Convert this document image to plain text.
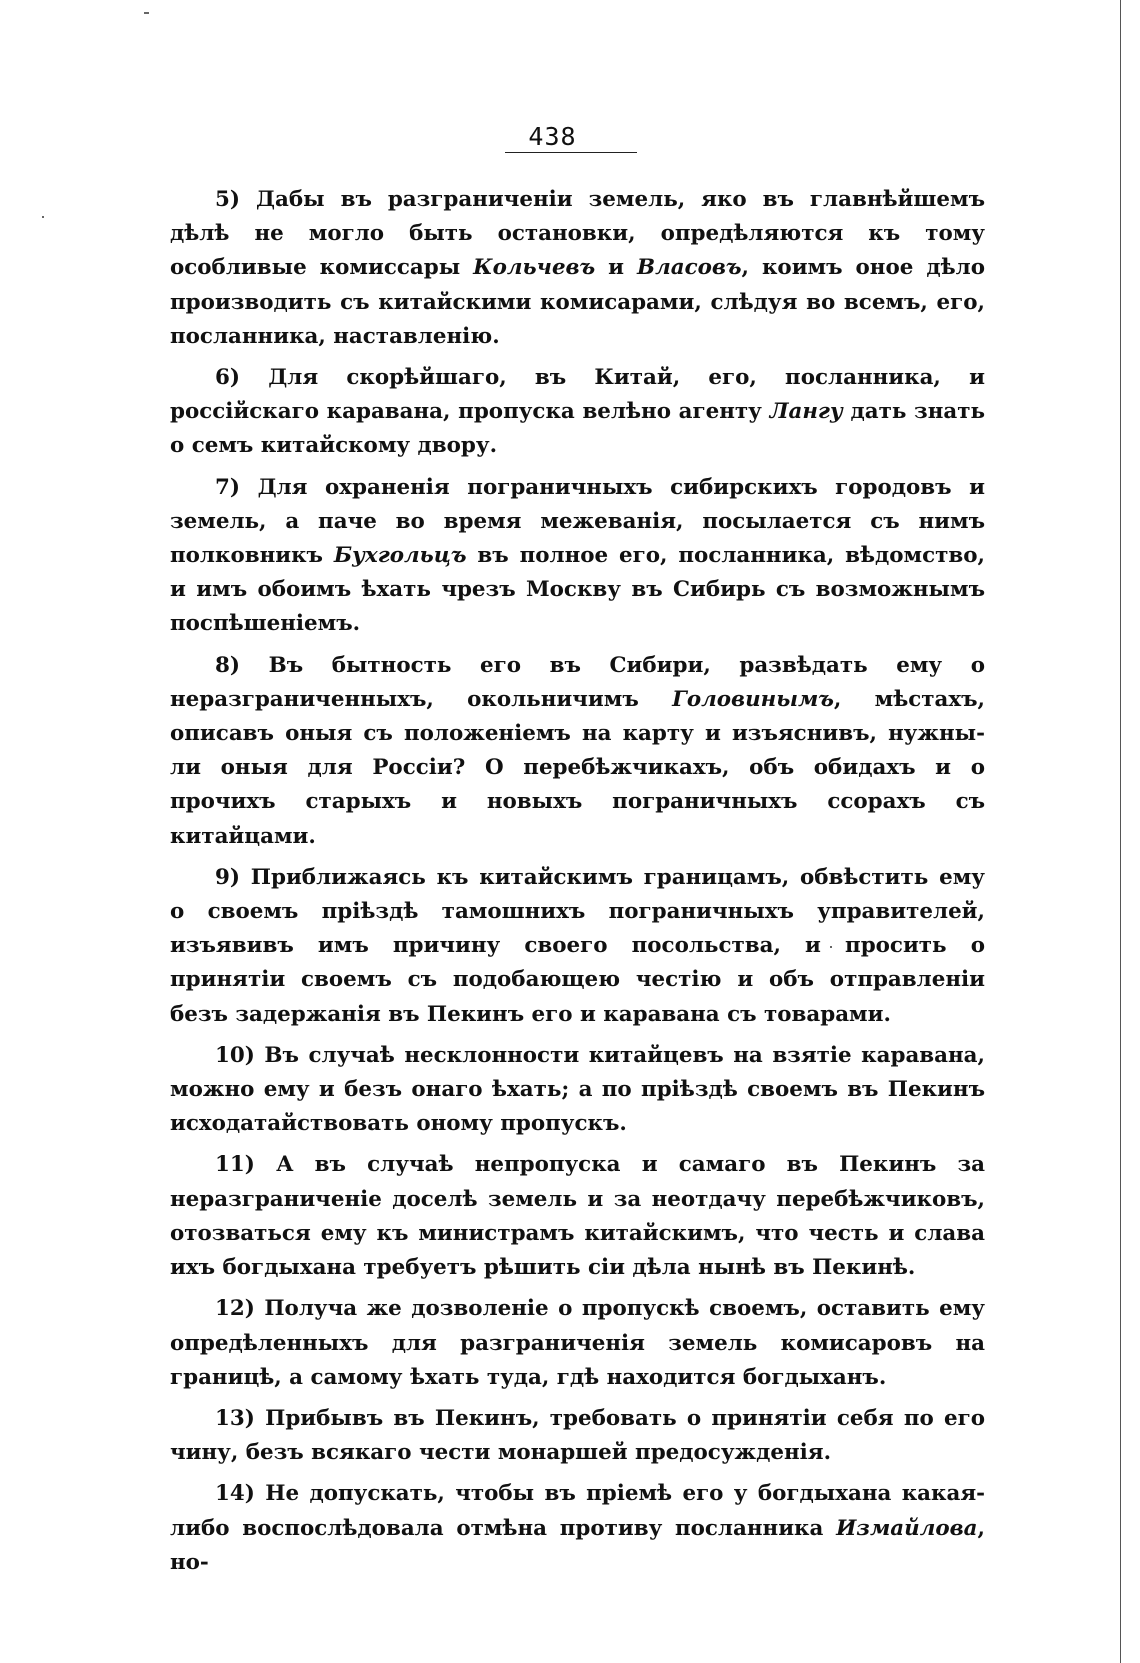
438

5) Дабы въ разграниченіи земель, яко въ главнѣйшемъ дѣлѣ не могло быть остановки, опредѣляются къ тому особливые комиссары Кольчевъ и Власовъ, коимъ оное дѣло производить съ китайскими комисарами, слѣдуя во всемъ, его, посланника, наставленію.

6) Для скорѣйшаго, въ Китай, его, посланника, и россійскаго каравана, пропуска велѣно агенту Лангу дать знать о семъ китайскому двору.

7) Для охраненія пограничныхъ сибирскихъ городовъ и земель, а паче во время межеванія, посылается съ нимъ полковникъ Бухгольцъ въ полное его, посланника, вѣдомство, и имъ обоимъ ѣхать чрезъ Москву въ Сибирь съ возможнымъ поспѣшеніемъ.

8) Въ бытность его въ Сибири, развѣдать ему о неразграниченныхъ, окольничимъ Головинымъ, мѣстахъ, описавъ оныя съ положеніемъ на карту и изъяснивъ, нужны-ли оныя для Россіи? О перебѣжчикахъ, объ обидахъ и о прочихъ старыхъ и новыхъ пограничныхъ ссорахъ съ китайцами.

9) Приближаясь къ китайскимъ границамъ, обвѣстить ему о своемъ пріѣздѣ тамошнихъ пограничныхъ управителей, изъявивъ имъ причину своего посольства, и просить о принятіи своемъ съ подобающею честію и объ отправленіи безъ задержанія въ Пекинъ его и каравана съ товарами.

10) Въ случаѣ несклонности китайцевъ на взятіе каравана, можно ему и безъ онаго ѣхать; а по пріѣздѣ своемъ въ Пекинъ исходатайствовать оному пропускъ.

11) А въ случаѣ непропуска и самаго въ Пекинъ за неразграниченіе доселѣ земель и за неотдачу перебѣжчиковъ, отозваться ему къ министрамъ китайскимъ, что честь и слава ихъ богдыхана требуетъ рѣшить сіи дѣла нынѣ въ Пекинѣ.

12) Получа же дозволеніе о пропускѣ своемъ, оставить ему опредѣленныхъ для разграниченія земель комисаровъ на границѣ, а самому ѣхать туда, гдѣ находится богдыханъ.

13) Прибывъ въ Пекинъ, требовать о принятіи себя по его чину, безъ всякаго чести монаршей предосужденія.

14) Не допускать, чтобы въ пріемѣ его у богдыхана какая-либо воспослѣдовала отмѣна противу посланника Измайлова, но-
